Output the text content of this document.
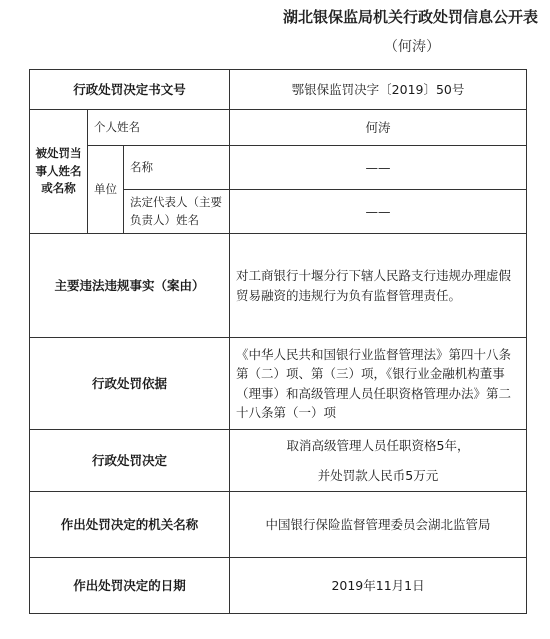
湖北银保监局机关行政处罚信息公开表
（何涛）
行政处罚决定书文号			鄂银保监罚决字〔2019〕50号
被处罚当事人姓名或名称	个人姓名		何涛
	单位	名称	——
		法定代表人（主要负责人）姓名	——
主要违法违规事实（案由）			对工商银行十堰分行下辖人民路支行违规办理虚假贸易融资的违规行为负有监督管理责任。
行政处罚依据			《中华人民共和国银行业监督管理法》第四十八条第（二）项、第（三）项，《银行业金融机构董事（理事）和高级管理人员任职资格管理办法》第二十八条第（一）项
行政处罚决定			取消高级管理人员任职资格5年，
并处罚款人民币5万元

作出处罚决定的机关名称			中国银行保险监督管理委员会湖北监管局
作出处罚决定的日期			2019年11月1日
